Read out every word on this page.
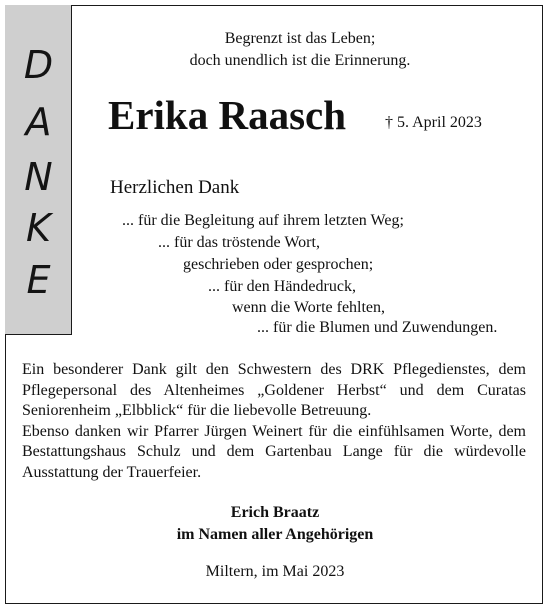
D
A
N
K
E
Begrenzt ist das Leben;
doch unendlich ist die Erinnerung.
Erika Raasch † 5. April 2023
Herzlichen Dank
... für die Begleitung auf ihrem letzten Weg;
... für das tröstende Wort,
geschrieben oder gesprochen;
... für den Händedruck,
wenn die Worte fehlten,
... für die Blumen und Zuwendungen.

Ein besonderer Dank gilt den Schwestern des DRK Pflegedienstes, dem Pflegepersonal des Altenheimes „Goldener Herbst“ und dem Curatas Seniorenheim „Elbblick“ für die liebevolle Betreuung.

Ebenso danken wir Pfarrer Jürgen Weinert für die einfühlsamen Worte, dem Bestattungshaus Schulz und dem Gartenbau Lange für die würdevolle Ausstattung der Trauerfeier.

Erich Braatz
im Namen aller Angehörigen
Miltern, im Mai 2023
